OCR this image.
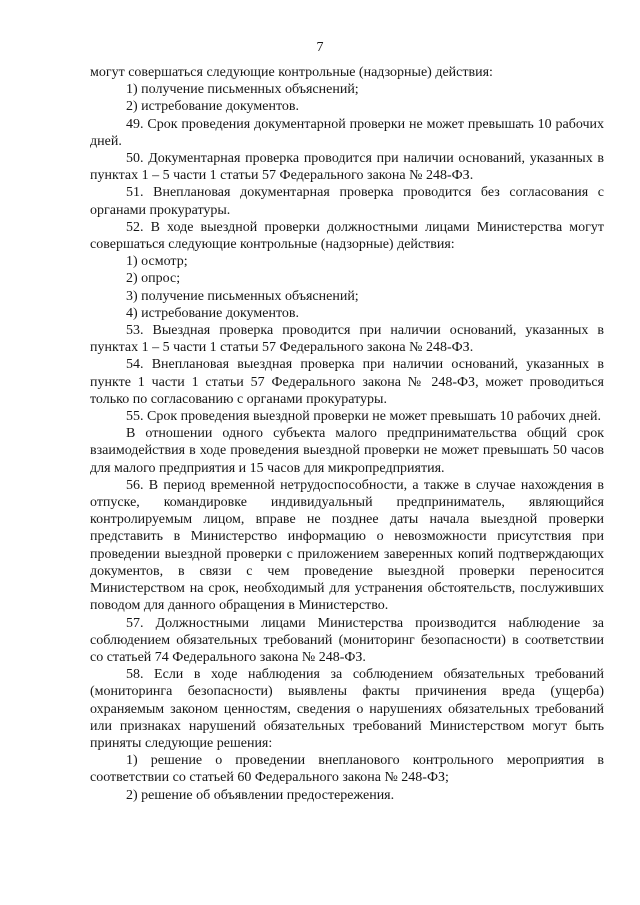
7

могут совершаться следующие контрольные (надзорные) действия:

1) получение письменных объяснений;

2) истребование документов.

49. Срок проведения документарной проверки не может превышать 10 рабочих дней.

50. Документарная проверка проводится при наличии оснований, указанных в пунктах 1 – 5 части 1 статьи 57 Федерального закона № 248-ФЗ.

51. Внеплановая документарная проверка проводится без согласования с органами прокуратуры.

52. В ходе выездной проверки должностными лицами Министерства могут совершаться следующие контрольные (надзорные) действия:

1) осмотр;

2) опрос;

3) получение письменных объяснений;

4) истребование документов.

53. Выездная проверка проводится при наличии оснований, указанных в пунктах 1 – 5 части 1 статьи 57 Федерального закона № 248-ФЗ.

54. Внеплановая выездная проверка при наличии оснований, указанных в пункте 1 части 1 статьи 57 Федерального закона № 248-ФЗ, может проводиться только по согласованию с органами прокуратуры.

55. Срок проведения выездной проверки не может превышать 10 рабочих дней.

В отношении одного субъекта малого предпринимательства общий срок взаимодействия в ходе проведения выездной проверки не может превышать 50 часов для малого предприятия и 15 часов для микропредприятия.

56. В период временной нетрудоспособности, а также в случае нахождения в отпуске, командировке индивидуальный предприниматель, являющийся контролируемым лицом, вправе не позднее даты начала выездной проверки представить в Министерство информацию о невозможности присутствия при проведении выездной проверки с приложением заверенных копий подтверждающих документов, в связи с чем проведение выездной проверки переносится Министерством на срок, необходимый для устранения обстоятельств, послуживших поводом для данного обращения в Министерство.

57. Должностными лицами Министерства производится наблюдение за соблюдением обязательных требований (мониторинг безопасности) в соответствии со статьей 74 Федерального закона № 248-ФЗ.

58. Если в ходе наблюдения за соблюдением обязательных требований (мониторинга безопасности) выявлены факты причинения вреда (ущерба) охраняемым законом ценностям, сведения о нарушениях обязательных требований или признаках нарушений обязательных требований Министерством могут быть приняты следующие решения:

1) решение о проведении внепланового контрольного мероприятия в соответствии со статьей 60 Федерального закона № 248-ФЗ;

2) решение об объявлении предостережения.
